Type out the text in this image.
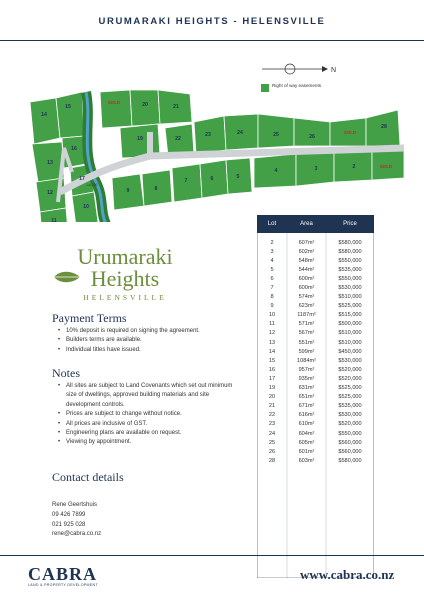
URUMARAKI HEIGHTS - HELENSVILLE
N
14
15	20	21
13
16
19	22
23	24	25	26
28
17
12
11
10
9	8
7	6	5
4	3	2
SOLD
SOLD
SOLD
Lot 200
Right of way easements
Urumaraki
Heights
HELENSVILLE
Payment Terms
• 10% deposit is required on signing the agreement.
• Builders terms are available.
• Individual titles have issued.
Notes
• All sites are subject to Land Covenants which set out minimum size of dwellings, approved building materials and site development controls.
• Prices are subject to change without notice.
• All prices are inclusive of GST.
• Engineering plans are available on request.
• Viewing by appointment.
Contact details
Rene Geertshuis
09 426 7899
021 925 028
rene@cabra.co.nz
Lot	Area	Price
2	607m²	$580,000
3	602m²	$580,000
4	548m²	$550,000
5	544m²	$535,000
6	600m²	$550,000
7	600m²	$530,000
8	574m²	$510,000
9	623m²	$525,000
10	1187m²	$515,000
11	571m²	$500,000
12	567m²	$510,000
13	551m²	$510,000
14	599m²	$450,000
15	1084m²	$530,000
16	957m²	$520,000
17	935m²	$520,000
19	631m²	$525,000
20	651m²	$525,000
21	671m²	$535,000
22	616m²	$530,000
23	610m²	$520,000
24	604m²	$550,000
25	605m²	$560,000
26	601m²	$560,000
28	603m²	$580,000
CABRA
LAND & PROPERTY DEVELOPMENT
www.cabra.co.nz
